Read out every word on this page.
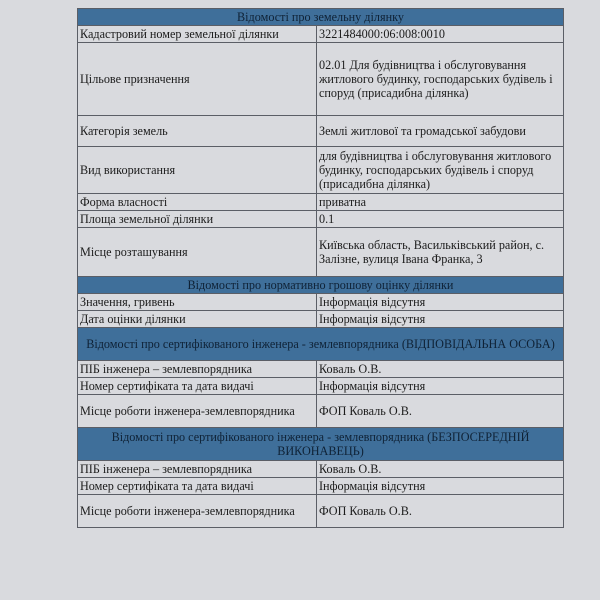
Відомості про земельну ділянку	
Кадастровий номер земельної ділянки	3221484000:06:008:0010
Цільове призначення	02.01 Для будівництва і обслуговування житлового будинку, господарських будівель і споруд (присадибна ділянка)
Категорія земель	Землі житлової та громадської забудови
Вид використання	для будівництва і обслуговування житлового будинку, господарських будівель і споруд (присадибна ділянка)
Форма власності	приватна
Площа земельної ділянки	0.1
Місце розташування	Київська область, Васильківський район, с. Залізне, вулиця Івана Франка, 3
Відомості про нормативно грошову оцінку ділянки	
Значення, гривень	Інформація відсутня
Дата оцінки ділянки	Інформація відсутня
Відомості про сертифікованого інженера - землевпорядника (ВІДПОВІДАЛЬНА ОСОБА)	
ПІБ інженера – землевпорядника	Коваль О.В.
Номер сертифіката та дата видачі	Інформація відсутня
Місце роботи інженера-землевпорядника	ФОП Коваль О.В.
Відомості про сертифікованого інженера - землевпорядника (БЕЗПОСЕРЕДНІЙ ВИКОНАВЕЦЬ)	
ПІБ інженера – землевпорядника	Коваль О.В.
Номер сертифіката та дата видачі	Інформація відсутня
Місце роботи інженера-землевпорядника	ФОП Коваль О.В.
